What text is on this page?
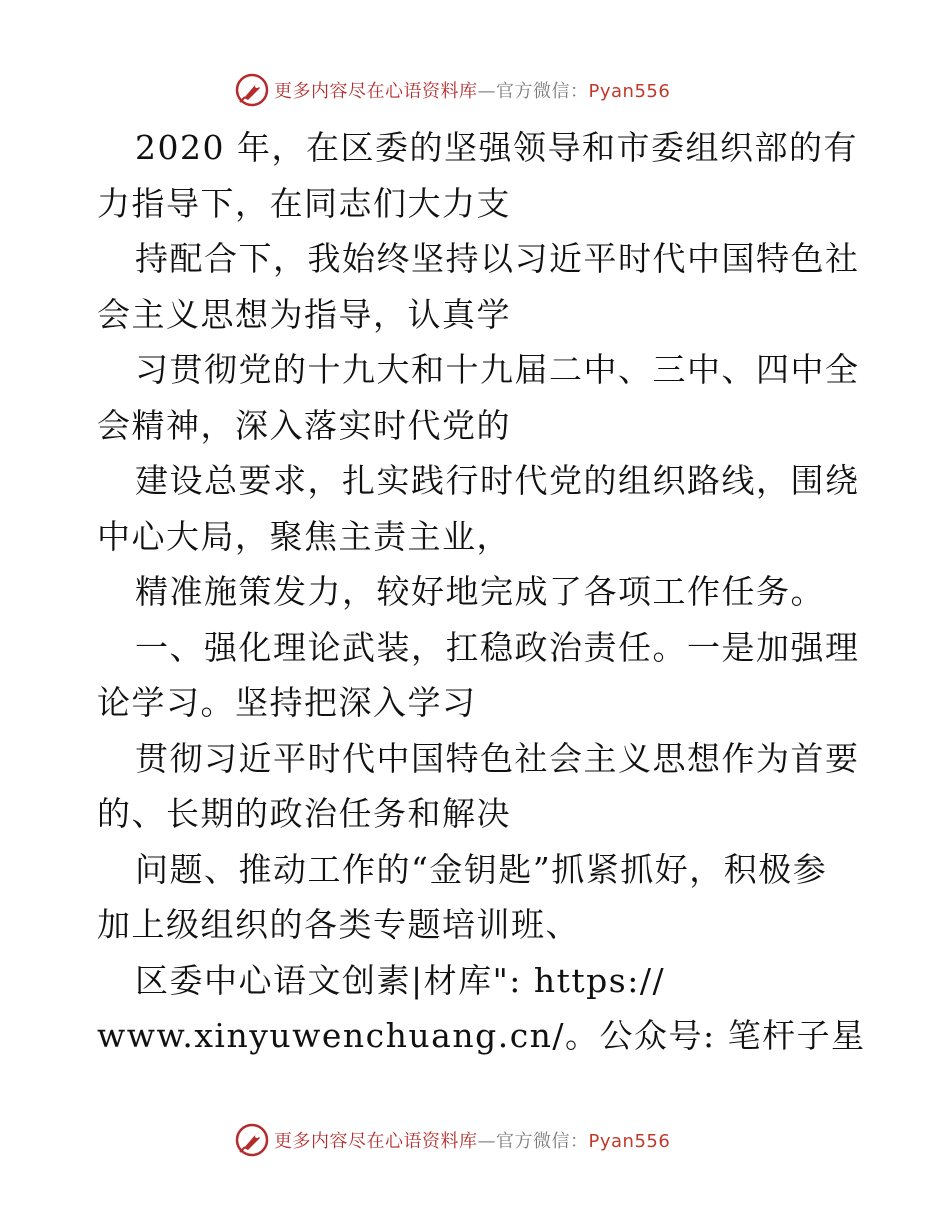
更多内容尽在心语资料库—官方微信：Pyan556
2020 年，在区委的坚强领导和市委组织部的有
力指导下，在同志们大力支
持配合下，我始终坚持以习近平时代中国特色社
会主义思想为指导，认真学
习贯彻党的十九大和十九届二中、三中、四中全
会精神，深入落实时代党的
建设总要求，扎实践行时代党的组织路线，围绕
中心大局，聚焦主责主业，
精准施策发力，较好地完成了各项工作任务。
一、强化理论武装，扛稳政治责任。一是加强理
论学习。坚持把深入学习
贯彻习近平时代中国特色社会主义思想作为首要
的、长期的政治任务和解决
问题、推动工作的“金钥匙”抓紧抓好，积极参
加上级组织的各类专题培训班、
区委中心语文创素|材库": https://
www.xinyuwenchuang.cn/。公众号: 笔杆子星
更多内容尽在心语资料库—官方微信：Pyan556
